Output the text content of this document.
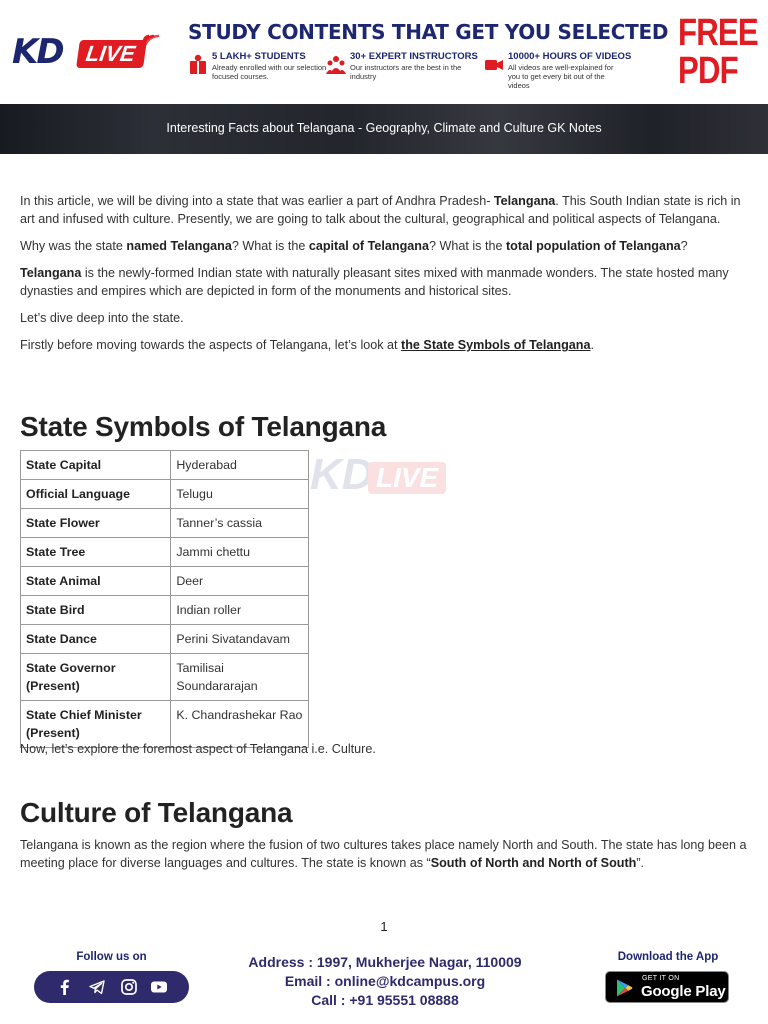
KD LIVE
STUDY CONTENTS THAT GET YOU SELECTED
5 LAKH+ STUDENTS
Already enrolled with our selection focused courses.
30+ EXPERT INSTRUCTORS
Our instructors are the best in the industry
10000+ HOURS OF VIDEOS
All videos are well-explained for you to get every bit out of the videos
FREE
PDF
Interesting Facts about Telangana - Geography, Climate and Culture GK Notes

In this article, we will be diving into a state that was earlier a part of Andhra Pradesh- Telangana. This South Indian state is rich in art and infused with culture. Presently, we are going to talk about the cultural, geographical and political aspects of Telangana.

Why was the state named Telangana? What is the capital of Telangana? What is the total population of Telangana?

Telangana is the newly-formed Indian state with naturally pleasant sites mixed with manmade wonders. The state hosted many dynasties and empires which are depicted in form of the monuments and historical sites.

Let’s dive deep into the state.

Firstly before moving towards the aspects of Telangana, let’s look at the State Symbols of Telangana.

State Symbols of Telangana
KD LIVE
State Capital	Hyderabad
Official Language	Telugu
State Flower	Tanner’s cassia
State Tree	Jammi chettu
State Animal	Deer
State Bird	Indian roller
State Dance	Perini Sivatandavam
State Governor (Present)	Tamilisai Soundararajan
State Chief Minister (Present)	K. Chandrashekar Rao
Now, let’s explore the foremost aspect of Telangana i.e. Culture.
Culture of Telangana
Telangana is known as the region where the fusion of two cultures takes place namely North and South. The state has long been a meeting place for diverse languages and cultures. The state is known as “South of North and North of South”.
1
Follow us on	Address : 1997, Mukherjee Nagar, 110009
Email : online@kdcampus.org
Call : +91 95551 08888
Download the App
GET IT ON
Google Play
